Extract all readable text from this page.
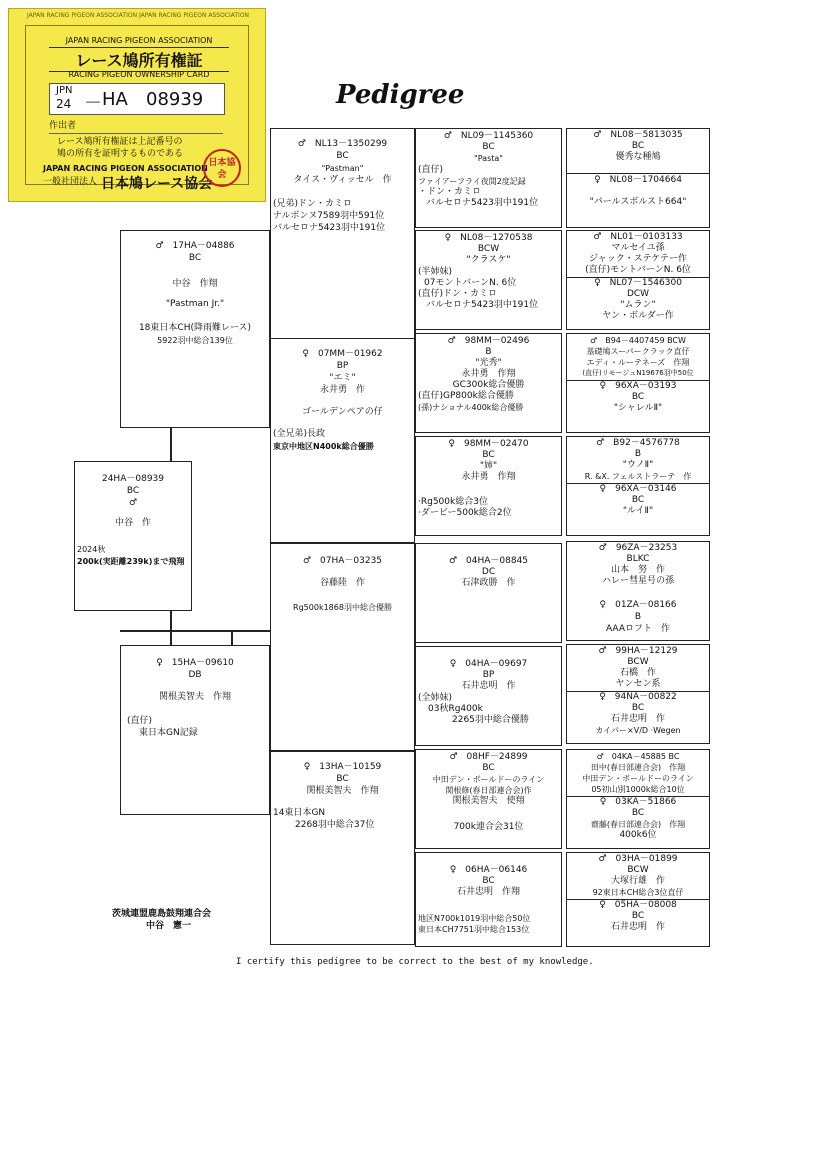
JAPAN RACING PIGEON ASSOCIATION JAPAN RACING PIGEON ASSOCIATION
JAPAN RACING PIGEON ASSOCIATION
レース鳩所有権証
RACING PIGEON OWNERSHIP CARD
JPN
24 － HA 08939
作出者
レース鳩所有権証は上記番号の
鳩の所有を証明するものである
JAPAN RACING PIGEON ASSOCIATION
一般社団法人 日本鳩レース協会
日本協会
Pedigree
24HA－08939
BC
♂
中谷　作
2024秋
200k(実距離239k)まで飛翔
♂　17HA－04886
BC
中谷　作翔
"Pastman Jr."
18東日本CH(降雨難レース)
5922羽中総合139位
♀　15HA－09610
DB
関根美智夫　作翔
(直仔)
東日本GN記録
♂　NL13－1350299
BC
"Pastman"
タイス・ヴィッセル　作
(兄弟)ドン・カミロ
ナルボンヌ7589羽中591位
バルセロナ5423羽中191位
♀　07MM－01962
BP
"エミ"
永井勇　作
ゴールデンペアの仔
(全兄弟)長政
東京中地区N400k総合優勝
♂　07HA－03235
谷藤陸　作
Rg500k1868羽中総合優勝
♀　13HA－10159
BC
関根美智夫　作翔
14東日本GN
2268羽中総合37位
♂　NL09－1145360
BC
"Pasta"
(直仔)
ファイアーフライ夜間2度記録
・ドン・カミロ
バルセロナ5423羽中191位
♀　NL08－1270538
BCW
"クラスケ"
(半姉妹)
07モントバーンN. 6位
(直仔)ドン・カミロ
バルセロナ5423羽中191位
♂　98MM－02496
B
"光秀"
永井勇　作翔
GC300k総合優勝
(直仔)GP800k総合優勝
(孫)ナショナル400k総合優勝
♀　98MM－02470
BC
"姉"
永井勇　作翔
·Rg500k総合3位
·ダービー500k総合2位
♂　04HA－08845
DC
石津政勝　作
♀　04HA－09697
BP
石井忠明　作
(全姉妹)
03秋Rg400k
2265羽中総合優勝
♂　08HF－24899
BC
中田デン・ボールドーのライン
関根修(春日部連合会)作
関根美智夫　使翔
700k連合会31位
♀　06HA－06146
BC
石井忠明　作翔
地区N700k1019羽中総合50位
東日本CH7751羽中総合153位
♂　NL08－5813035
BC
優秀な種鳩
♀　NL08－1704664
"パールスボルスト664"
♂　NL01－0103133
マルセイユ孫
ジャック・ステケテー作
(直仔)モントバーンN. 6位
♀　NL07－1546300
DCW
"ムラン"
ヤン・ボルダー作
♂　B94－4407459 BCW
基礎鳩スーパークラック直仔
エディ・ルーテネーズ　作翔
(直仔)リモージュN19676羽中50位
♀　96XA－03193
BC
"シャレルⅡ"
♂　B92－4576778
B
"ウノⅡ"
R. &X. フェルストラーテ　作
♀　96XA－03146
BC
"ルイⅡ"
♂　96ZA－23253
BLKC
山本　努　作
ハレー彗星号の孫
♀　01ZA－08166
B
AAAロフト　作
♂　99HA－12129
BCW
石橋　作
ヤンセン系
♀　94NA－00822
BC
石井忠明　作
カイパー×V/D ·Wegen
♂　04KA－45885 BC
田中(春日部連合会)　作翔
中田デン・ボールドーのライン
05初山別1000k総合10位
♀　03KA－51866
BC
齋藤(春日部連合会)　作翔
400k6位
♂　03HA－01899
BCW
大塚行雄　作
92東日本CH総合3位直仔
♀　05HA－08008
BC
石井忠明　作
茨城連盟鹿島鼓翔連合会
中谷　憲一
I certify this pedigree to be correct to the best of my knowledge.
